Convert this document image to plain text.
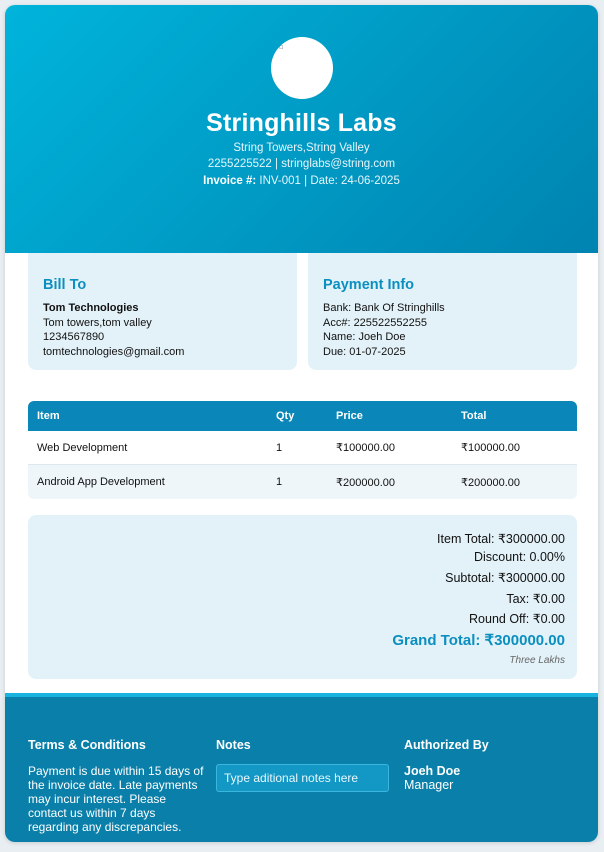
▫
Stringhills Labs
String Towers,String Valley
2255225522 | stringlabs@string.com
Invoice #: INV-001 | Date: 24-06-2025
Bill To
Tom Technologies
Tom towers,tom valley
1234567890
tomtechnologies@gmail.com
Payment Info
Bank: Bank Of Stringhills
Acc#: 225522552255
Name: Joeh Doe
Due: 01-07-2025
Item	Qty	Price	Total
Web Development	1	₹100000.00	₹100000.00
Android App Development	1	₹200000.00	₹200000.00
Item Total: ₹300000.00
Discount: 0.00%
Subtotal: ₹300000.00
Tax: ₹0.00
Round Off: ₹0.00
Grand Total: ₹300000.00
Three Lakhs
Terms & Conditions
Payment is due within 15 days of the invoice date. Late payments may incur interest. Please contact us within 7 days regarding any discrepancies.
Notes
Type aditional notes here	Authorized By
Joeh Doe
Manager
